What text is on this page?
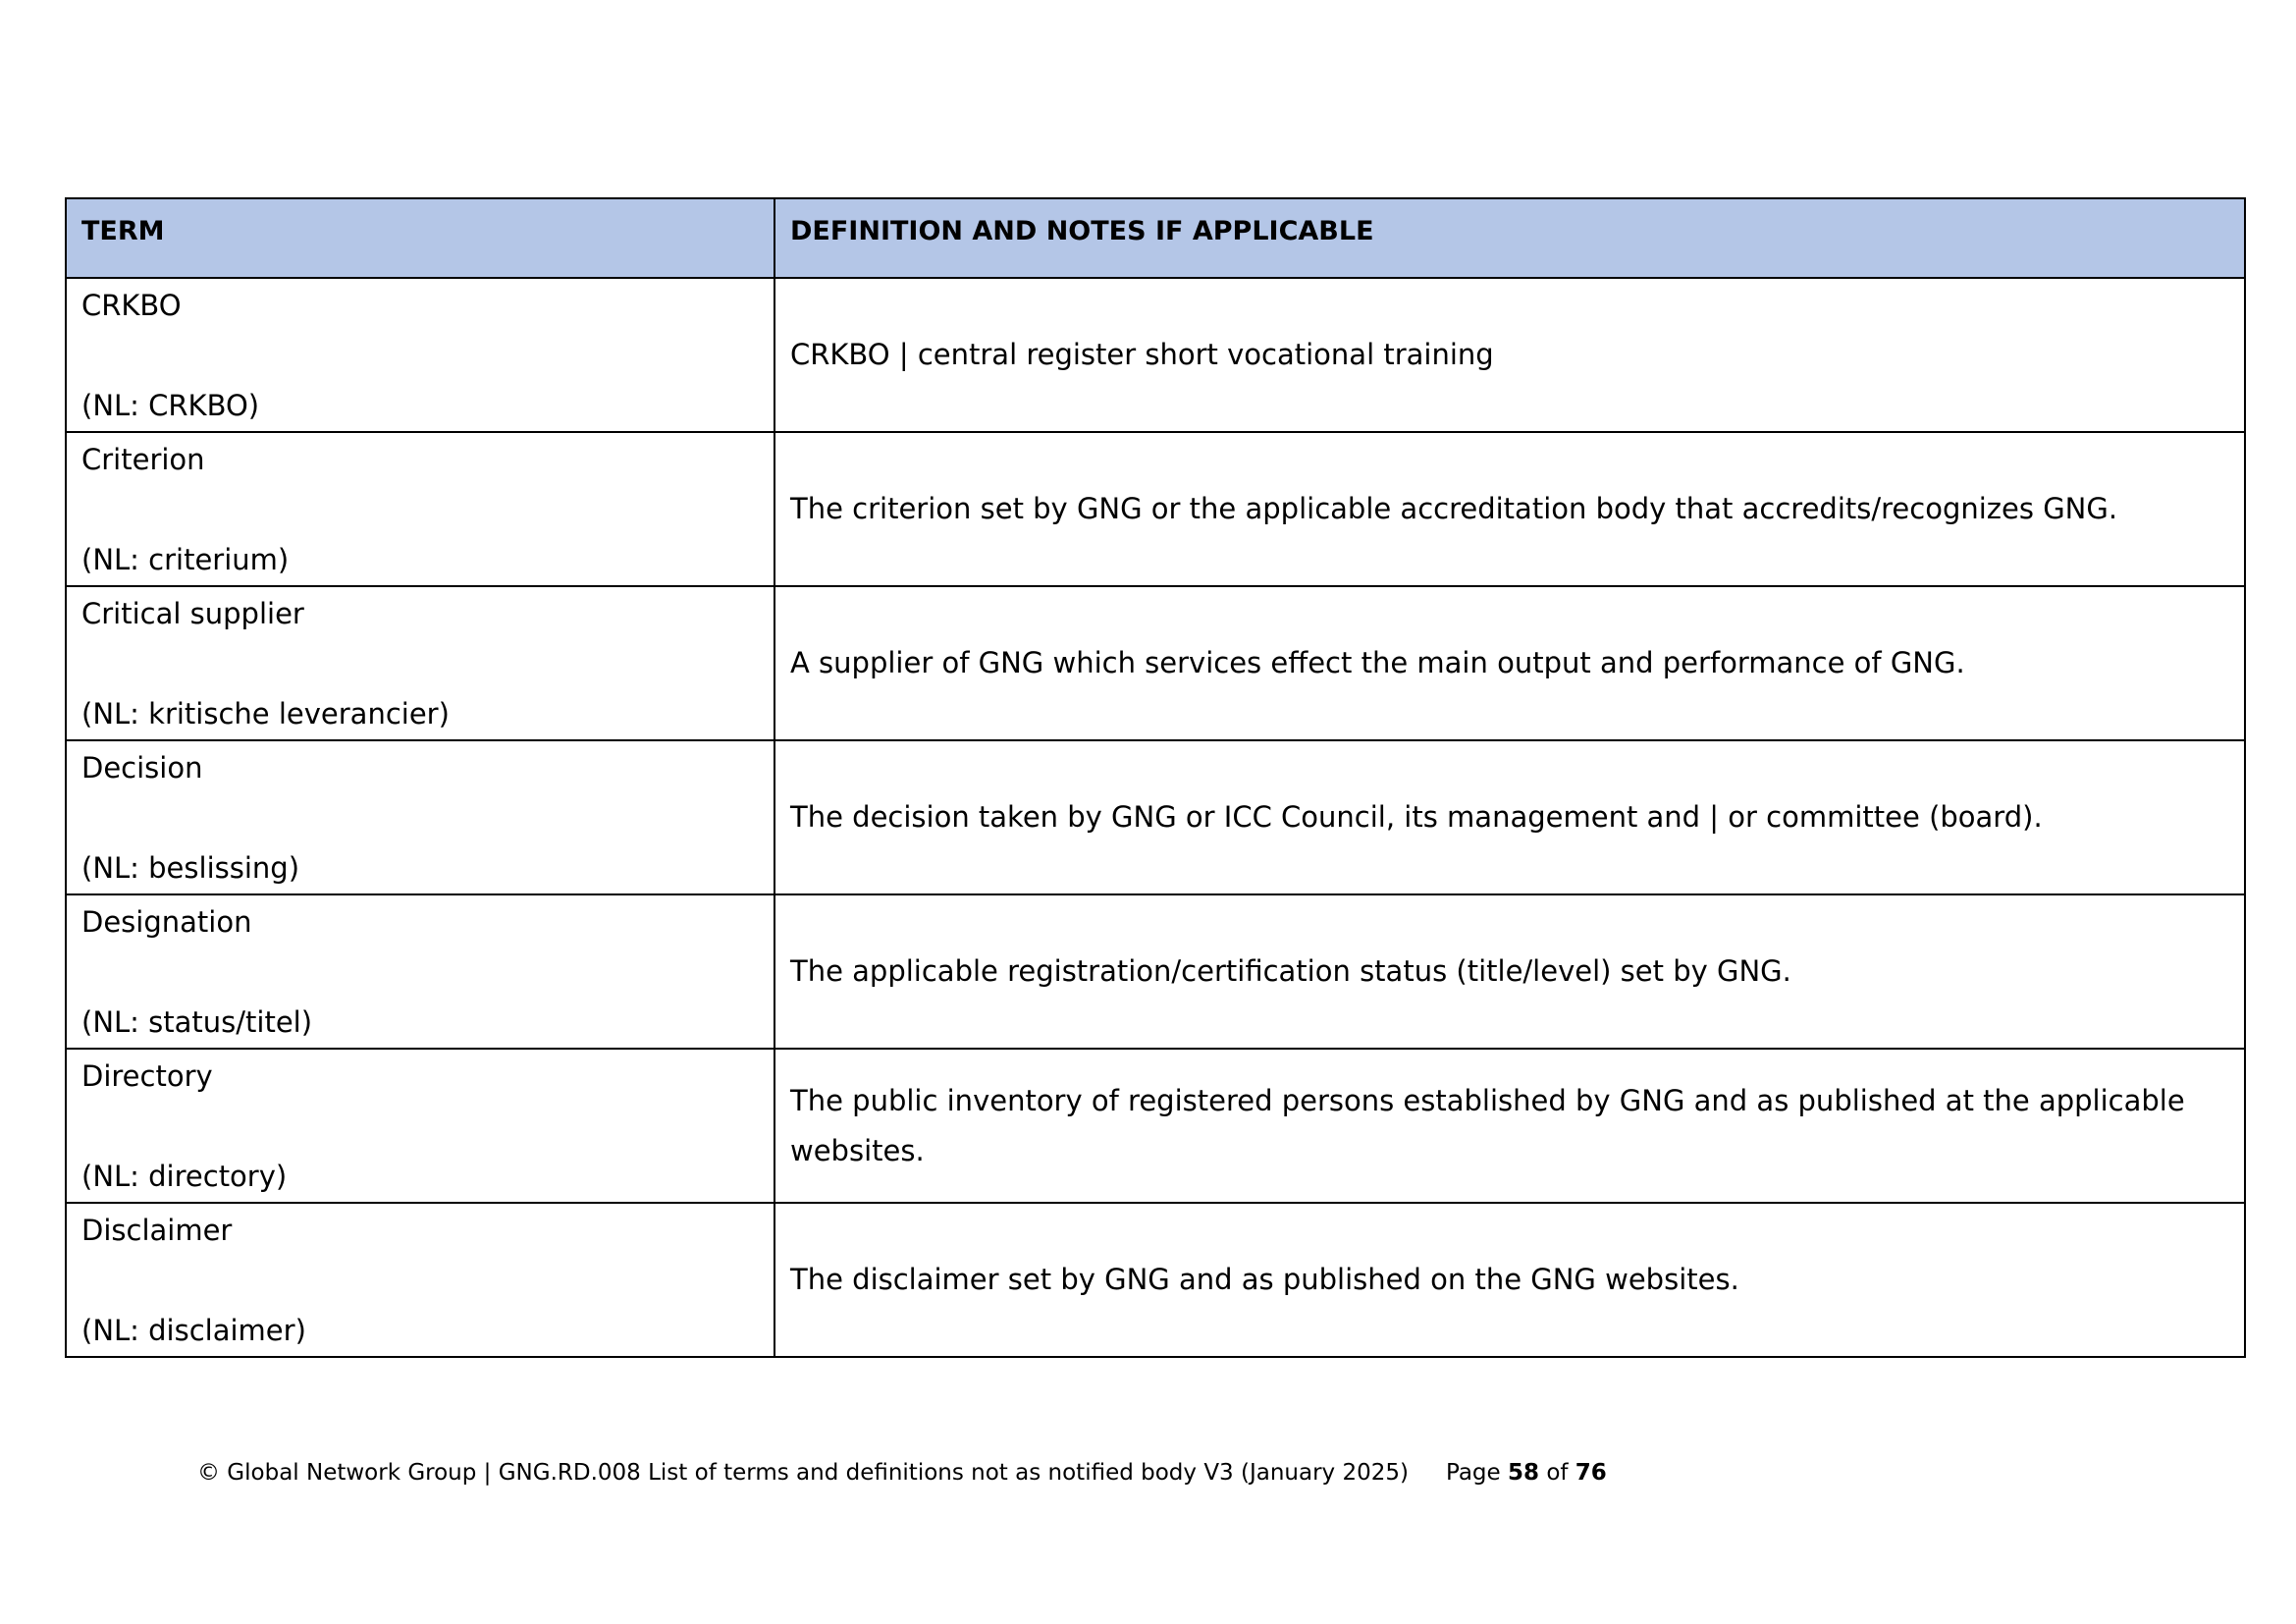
TERM	DEFINITION AND NOTES IF APPLICABLE

CRKBO
(NL: CRKBO)	CRKBO | central register short vocational training

Criterion
(NL: criterium)	The criterion set by GNG or the applicable accreditation body that accredits/recognizes GNG.

Critical supplier
(NL: kritische leverancier)	A supplier of GNG which services effect the main output and performance of GNG.

Decision
(NL: beslissing)	The decision taken by GNG or ICC Council, its management and | or committee (board).

Designation
(NL: status/titel)	The applicable registration/certification status (title/level) set by GNG.

Directory
(NL: directory)	The public inventory of registered persons established by GNG and as published at the applicable websites.

Disclaimer
(NL: disclaimer)	The disclaimer set by GNG and as published on the GNG websites.
© Global Network Group | GNG.RD.008 List of terms and definitions not as notified body V3 (January 2025) Page 58 of 76
